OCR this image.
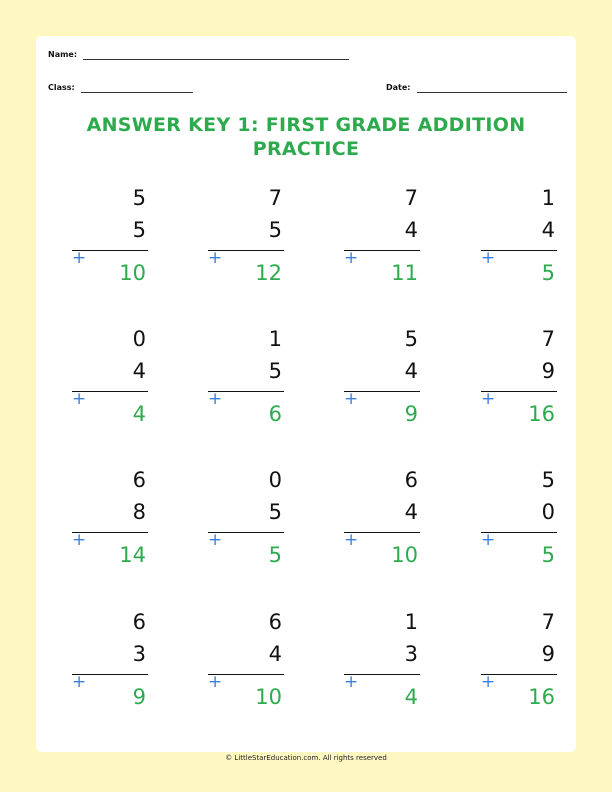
Name:
Class:	Date:
ANSWER KEY 1: FIRST GRADE ADDITION
PRACTICE
5
5
+
10
7
5
+
12
7
4
+
11
1
4
+
5
0
4
+
4
1
5
+
6
5
4
+
9
7
9
+
16
6
8
+
14
0
5
+
5
6
4
+
10
5
0
+
5
6
3
+
9
6
4
+
10
1
3
+
4
7
9
+
16
© LittleStarEducation.com. All rights reserved
